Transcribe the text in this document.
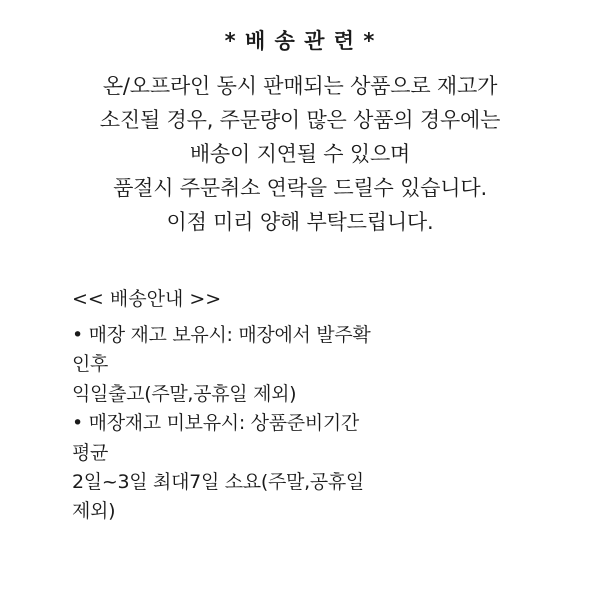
* 배 송 관 련 *

온/오프라인 동시 판매되는 상품으로 재고가

소진될 경우, 주문량이 많은 상품의 경우에는

배송이 지연될 수 있으며

품절시 주문취소 연락을 드릴수 있습니다.

이점 미리 양해 부탁드립니다.

<< 배송안내 >>

• 매장 재고 보유시: 매장에서 발주확

인후

익일출고(주말,공휴일 제외)

• 매장재고 미보유시: 상품준비기간

평균

2일~3일 최대7일 소요(주말,공휴일

제외)
